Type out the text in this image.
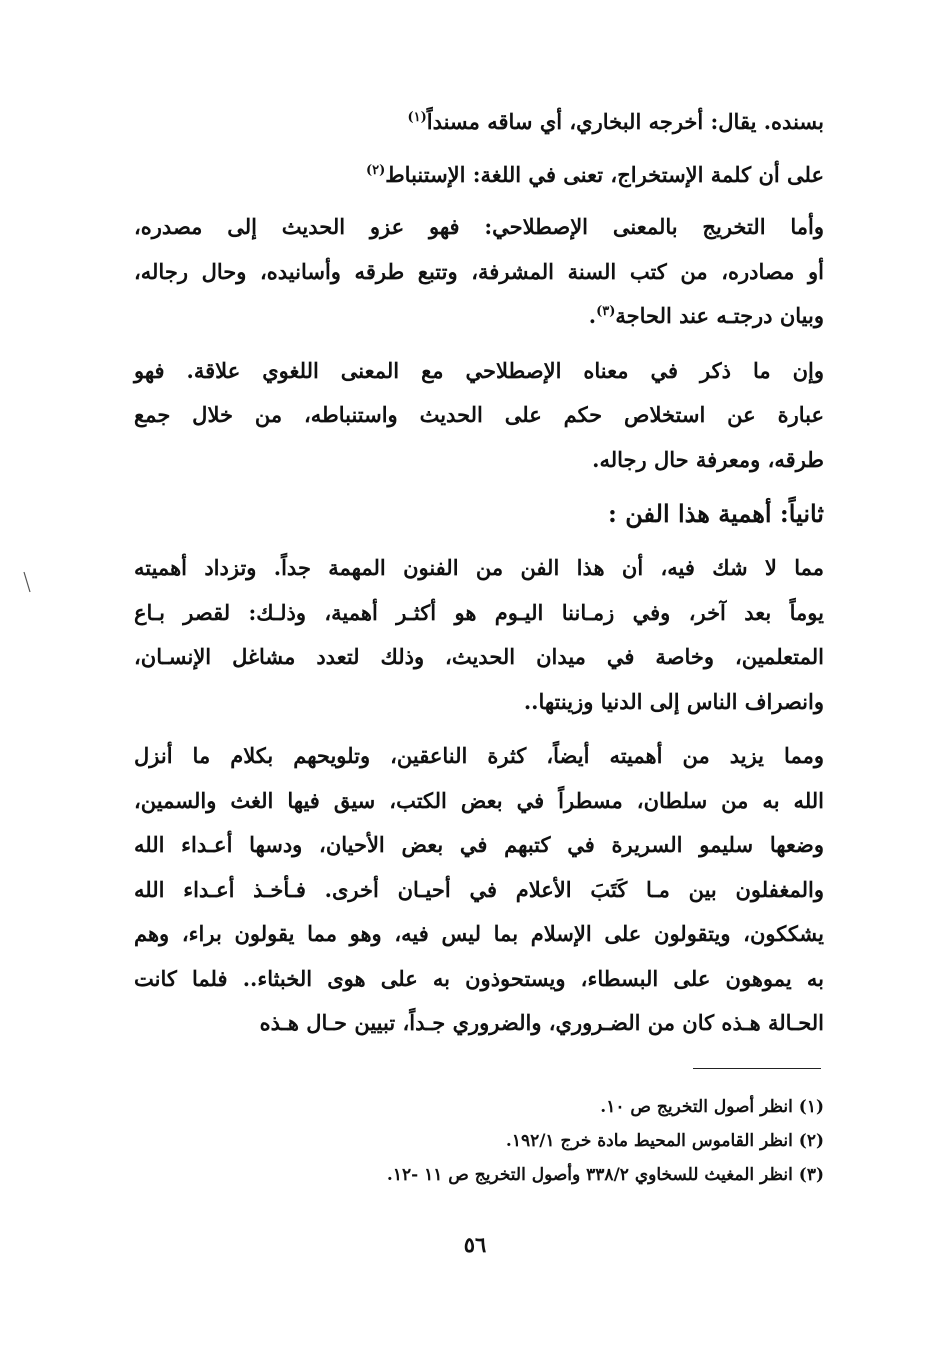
بسنده. يقال: أخرجه البخاري، أي ساقه مسنداً$^{(١)}$
على أن كلمة الإستخراج، تعنى في اللغة: الإستنباط$^{(٢)}$
وأما التخريج بالمعنى الإصطلاحي: فهو عزو الحديث إلى مصدره،
أو مصادره، من كتب السنة المشرفة، وتتبع طرقه وأسانيده، وحال رجاله،
وبيان درجتـه عند الحاجة$^{(٣)}$.
وإن ما ذكر في معناه الإصطلاحي مع المعنى اللغوي علاقة. فهو
عبارة عن استخلاص حكم على الحديث واستنباطه، من خلال جمع
طرقه، ومعرفة حال رجاله.
ثانياً: أهمية هذا الفن :
مما لا شك فيه، أن هذا الفن من الفنون المهمة جداً. وتزداد أهميته
يوماً بعد آخر، وفي زمـاننا اليـوم هو أكثـر أهمية، وذلـك: لقصر بـاع
المتعلمين، وخاصة في ميدان الحديث، وذلك لتعدد مشاغل الإنسـان،
وانصراف الناس إلى الدنيا وزينتها..
ومما يزيد من أهميته أيضاً، كثرة الناعقين، وتلويحهم بكلام ما أنزل
الله به من سلطان، مسطراً في بعض الكتب، سيق فيها الغث والسمين،
وضعها سليمو السريرة في كتبهم في بعض الأحيان، ودسها أعـداء الله
والمغفلون بين مـا كَتَبَ الأعلام في أحيـان أخرى. فـأخـذ أعـداء الله
يشككون، ويتقولون على الإسلام بما ليس فيه، وهو مما يقولون براء، وهم
به يموهون على البسطاء، ويستحوذون به على هوى الخبثاء.. فلما كانت
الحـالة هـذه كان من الضـروري، والضروري جـداً، تبيين حـال هـذه
(١) انظر أصول التخريج ص ١٠.
(٢) انظر القاموس المحيط مادة خرج ١٩٢/١.
(٣) انظر المغيث للسخاوي ٣٣٨/٢ وأصول التخريج ص ١١ -١٢.
٥٦
